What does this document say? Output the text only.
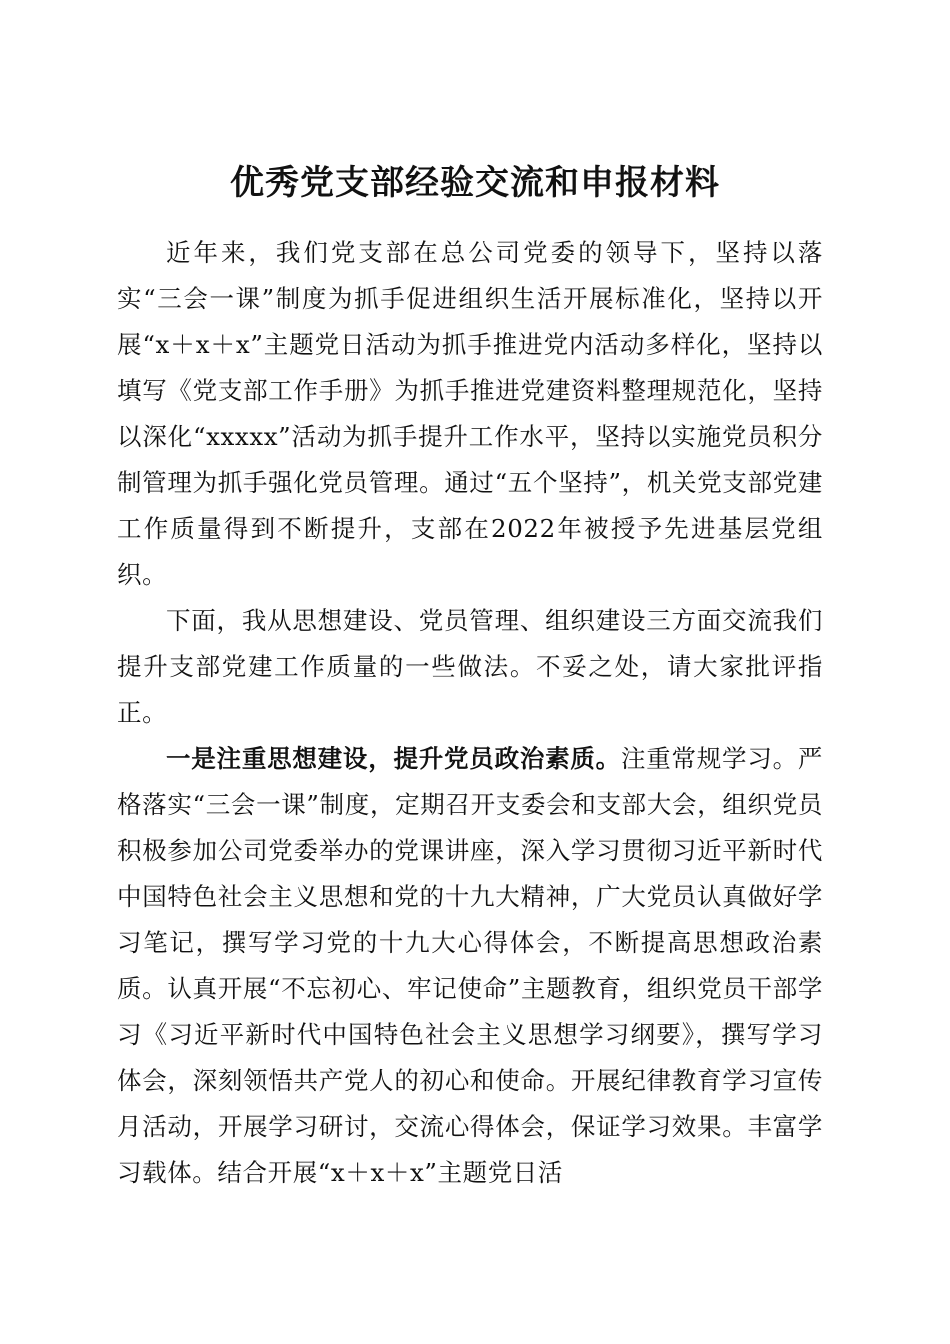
优秀党支部经验交流和申报材料

近年来，我们党支部在总公司党委的领导下，坚持以落实“三会一课”制度为抓手促进组织生活开展标准化，坚持以开展“x＋x＋x”主题党日活动为抓手推进党内活动多样化，坚持以填写《党支部工作手册》为抓手推进党建资料整理规范化，坚持以深化“xxxxx”活动为抓手提升工作水平，坚持以实施党员积分制管理为抓手强化党员管理。通过“五个坚持”，机关党支部党建工作质量得到不断提升，支部在2022年被授予先进基层党组织。

下面，我从思想建设、党员管理、组织建设三方面交流我们提升支部党建工作质量的一些做法。不妥之处，请大家批评指正。

一是注重思想建设，提升党员政治素质。注重常规学习。严格落实“三会一课”制度，定期召开支委会和支部大会，组织党员积极参加公司党委举办的党课讲座，深入学习贯彻习近平新时代中国特色社会主义思想和党的十九大精神，广大党员认真做好学习笔记，撰写学习党的十九大心得体会，不断提高思想政治素质。认真开展“不忘初心、牢记使命”主题教育，组织党员干部学习《习近平新时代中国特色社会主义思想学习纲要》，撰写学习体会，深刻领悟共产党人的初心和使命。开展纪律教育学习宣传月活动，开展学习研讨，交流心得体会，保证学习效果。丰富学习载体。结合开展“x＋x＋x”主题党日活
